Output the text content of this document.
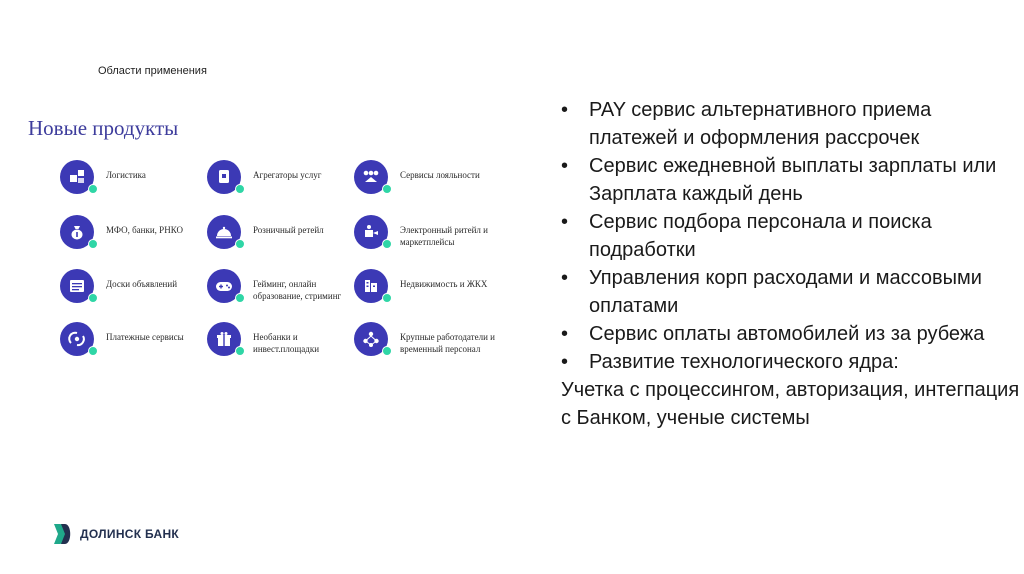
Области применения
Новые продукты
Логистика	Агрегаторы услуг	Сервисы лояльности
МФО, банки, РНКО	Розничный ретейл	Электронный ритейл и маркетплейсы
Доски объявлений	Гейминг, онлайн образование, стриминг
Недвижимость и ЖКХ
Платежные сервисы	Необанки и инвест.площадки
Крупные работодатели и временный персонал
• PAY сервис альтернативного приема платежей и оформления рассрочек
• Сервис ежедневной выплаты зарплаты или Зарплата каждый день
• Сервис подбора персонала и поиска подработки
• Управления корп расходами и массовыми оплатами
• Сервис оплаты автомобилей из за рубежа
• Развитие технологического ядра:

Учетка с процессингом, авторизация, интегпация с Банком, ученые системы

ДОЛИНСК БАНК
